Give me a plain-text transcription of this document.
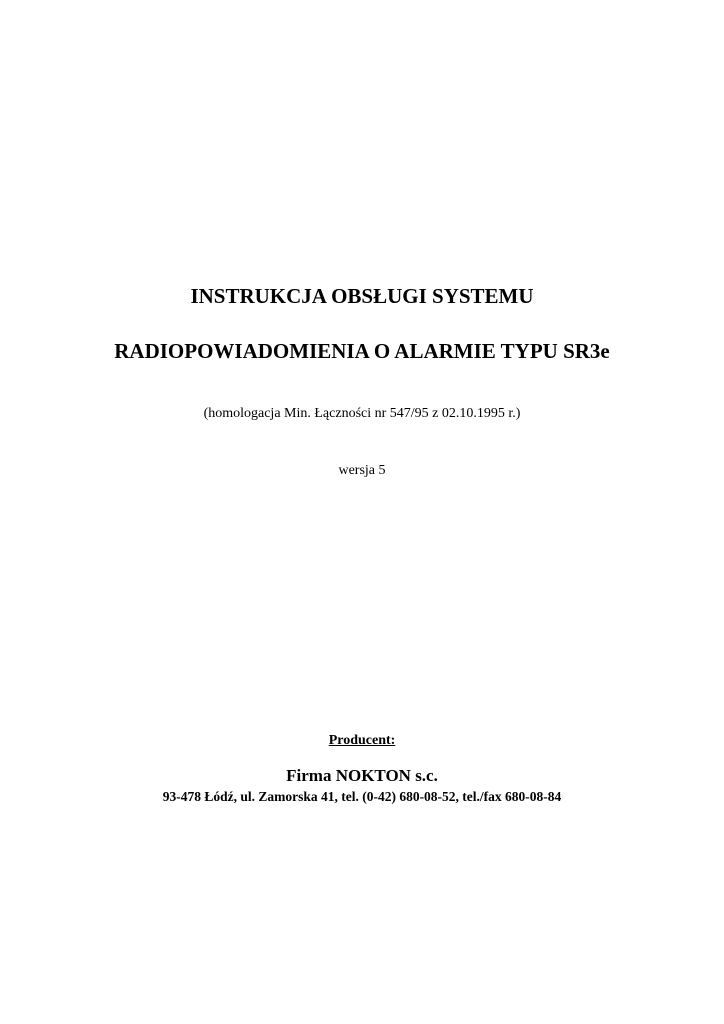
INSTRUKCJA OBSŁUGI SYSTEMU
RADIOPOWIADOMIENIA O ALARMIE TYPU SR3e
(homologacja Min. Łączności nr 547/95 z 02.10.1995 r.)
wersja 5
Producent:
Firma NOKTON s.c.
93-478 Łódź, ul. Zamorska 41, tel. (0-42) 680-08-52, tel./fax 680-08-84
